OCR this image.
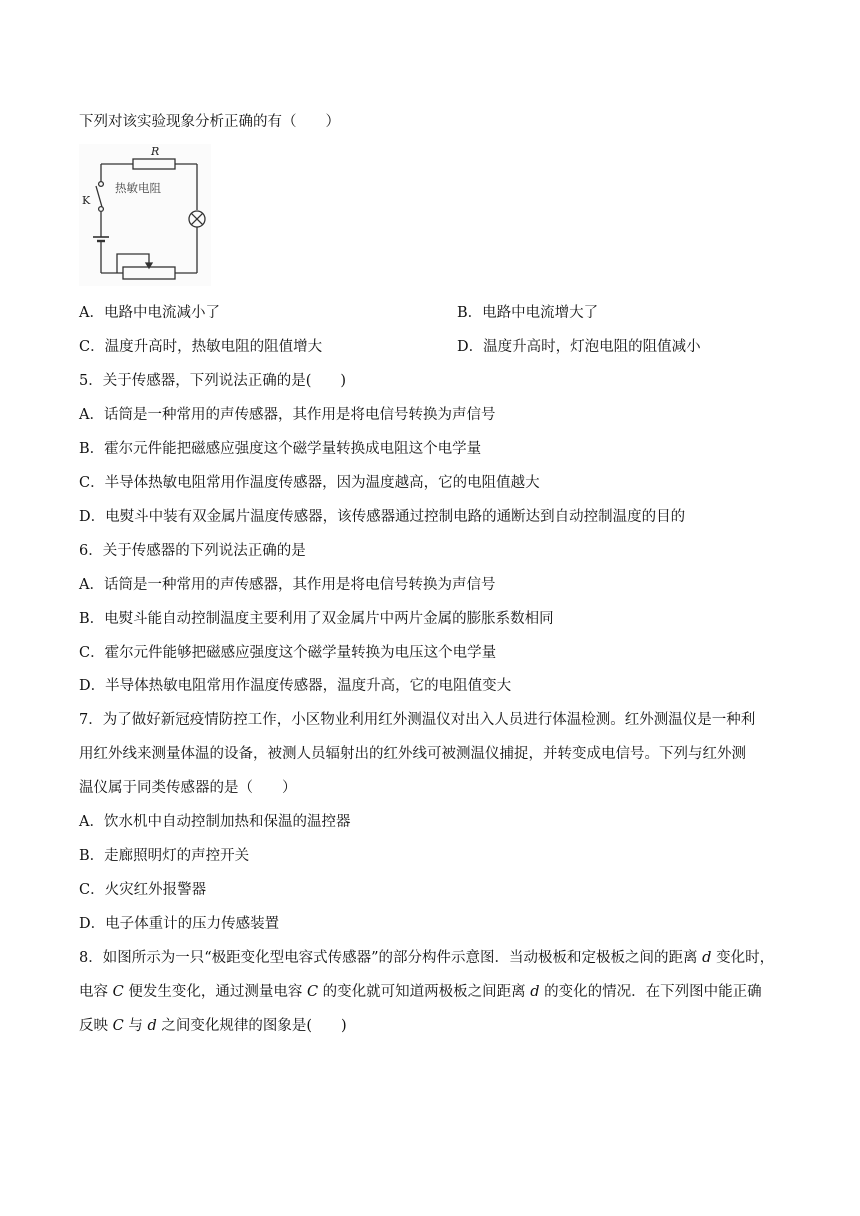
下列对该实验现象分析正确的有（　　）
R
K
热敏电阻
A．电路中电流减小了	B．电路中电流增大了
C．温度升高时，热敏电阻的阻值增大	D．温度升高时，灯泡电阻的阻值减小
5．关于传感器，下列说法正确的是(　　)
A．话筒是一种常用的声传感器，其作用是将电信号转换为声信号
B．霍尔元件能把磁感应强度这个磁学量转换成电阻这个电学量
C．半导体热敏电阻常用作温度传感器，因为温度越高，它的电阻值越大
D．电熨斗中装有双金属片温度传感器，该传感器通过控制电路的通断达到自动控制温度的目的
6．关于传感器的下列说法正确的是
A．话筒是一种常用的声传感器，其作用是将电信号转换为声信号
B．电熨斗能自动控制温度主要利用了双金属片中两片金属的膨胀系数相同
C．霍尔元件能够把磁感应强度这个磁学量转换为电压这个电学量
D．半导体热敏电阻常用作温度传感器，温度升高，它的电阻值变大
7．为了做好新冠疫情防控工作，小区物业利用红外测温仪对出入人员进行体温检测。红外测温仪是一种利
用红外线来测量体温的设备，被测人员辐射出的红外线可被测温仪捕捉，并转变成电信号。下列与红外测
温仪属于同类传感器的是（　　）
A．饮水机中自动控制加热和保温的温控器
B．走廊照明灯的声控开关
C．火灾红外报警器
D．电子体重计的压力传感装置
8．如图所示为一只“极距变化型电容式传感器”的部分构件示意图．当动极板和定极板之间的距离 d 变化时，
电容 C 便发生变化，通过测量电容 C 的变化就可知道两极板之间距离 d 的变化的情况．在下列图中能正确
反映 C 与 d 之间变化规律的图象是(　　)
